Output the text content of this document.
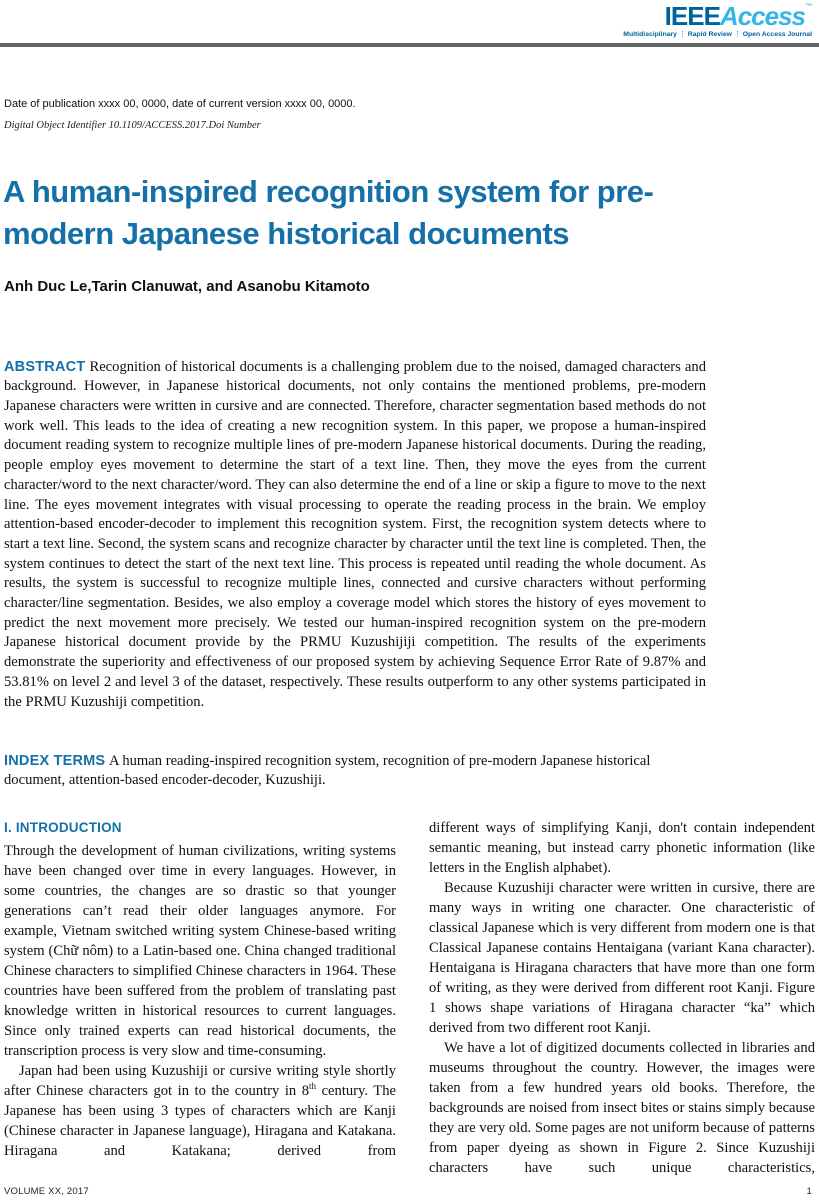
IEEEAccess™
Multidisciplinary ⋮ Rapid Review ⋮ Open Access Journal
Date of publication xxxx 00, 0000, date of current version xxxx 00, 0000.
Digital Object Identifier 10.1109/ACCESS.2017.Doi Number
A human-inspired recognition system for pre-
modern Japanese historical documents
Anh Duc Le,Tarin Clanuwat, and Asanobu Kitamoto

ABSTRACT Recognition of historical documents is a challenging problem due to the noised, damaged characters and background. However, in Japanese historical documents, not only contains the mentioned problems, pre-modern Japanese characters were written in cursive and are connected. Therefore, character segmentation based methods do not work well. This leads to the idea of creating a new recognition system. In this paper, we propose a human-inspired document reading system to recognize multiple lines of pre-modern Japanese historical documents. During the reading, people employ eyes movement to determine the start of a text line. Then, they move the eyes from the current character/word to the next character/word. They can also determine the end of a line or skip a figure to move to the next line. The eyes movement integrates with visual processing to operate the reading process in the brain. We employ attention-based encoder-decoder to implement this recognition system. First, the recognition system detects where to start a text line. Second, the system scans and recognize character by character until the text line is completed. Then, the system continues to detect the start of the next text line. This process is repeated until reading the whole document. As results, the system is successful to recognize multiple lines, connected and cursive characters without performing character/line segmentation. Besides, we also employ a coverage model which stores the history of eyes movement to predict the next movement more precisely. We tested our human-inspired recognition system on the pre-modern Japanese historical document provide by the PRMU Kuzushijiji competition. The results of the experiments demonstrate the superiority and effectiveness of our proposed system by achieving Sequence Error Rate of 9.87% and 53.81% on level 2 and level 3 of the dataset, respectively. These results outperform to any other systems participated in the PRMU Kuzushiji competition.

INDEX TERMS A human reading-inspired recognition system, recognition of pre-modern Japanese historical document, attention-based encoder-decoder, Kuzushiji.

I. INTRODUCTION

Through the development of human civilizations, writing systems have been changed over time in every languages. However, in some countries, the changes are so drastic so that younger generations can’t read their older languages anymore. For example, Vietnam switched writing system Chinese-based writing system (Chữ nôm) to a Latin-based one. China changed traditional Chinese characters to simplified Chinese characters in 1964. These countries have been suffered from the problem of translating past knowledge written in historical resources to current languages. Since only trained experts can read historical documents, the transcription process is very slow and time-consuming.

Japan had been using Kuzushiji or cursive writing style shortly after Chinese characters got in to the country in 8th century. The Japanese has been using 3 types of characters which are Kanji (Chinese character in Japanese language), Hiragana and Katakana. Hiragana and Katakana; derived from

different ways of simplifying Kanji, don't contain independent semantic meaning, but instead carry phonetic information (like letters in the English alphabet).

Because Kuzushiji character were written in cursive, there are many ways in writing one character. One characteristic of classical Japanese which is very different from modern one is that Classical Japanese contains Hentaigana (variant Kana character). Hentaigana is Hiragana characters that have more than one form of writing, as they were derived from different root Kanji. Figure 1 shows shape variations of Hiragana character “ka” which derived from two different root Kanji.

We have a lot of digitized documents collected in libraries and museums throughout the country. However, the images were taken from a few hundred years old books. Therefore, the backgrounds are noised from insect bites or stains simply because they are very old. Some pages are not uniform because of patterns from paper dyeing as shown in Figure 2. Since Kuzushiji characters have such unique characteristics,

VOLUME XX, 2017	1
